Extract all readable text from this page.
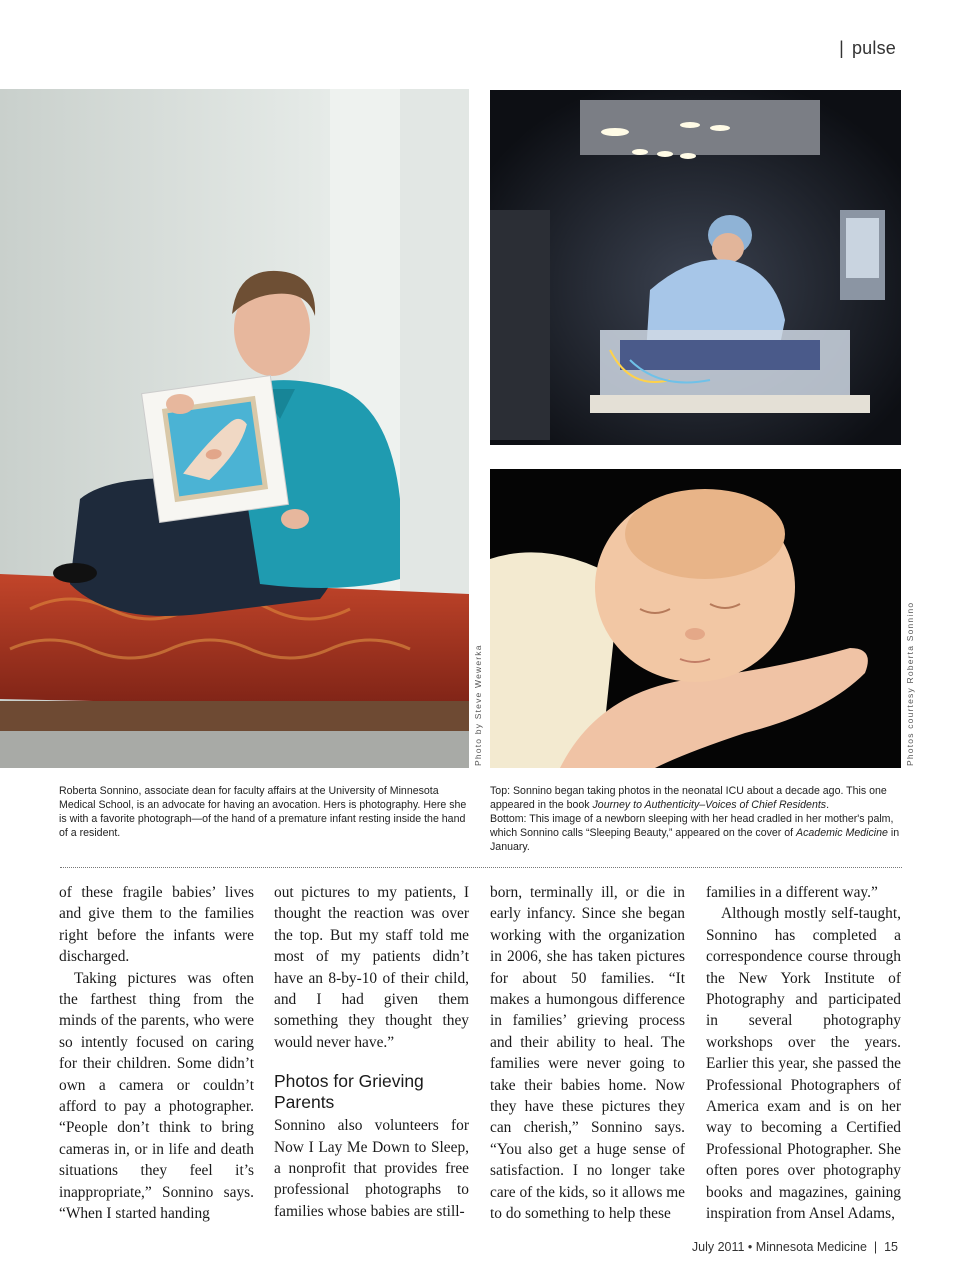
| pulse
Photo by Steve Wewerka	Photos courtesy Roberta Sonnino
Roberta Sonnino, associate dean for faculty affairs at the University of Minnesota Medical School, is an advocate for having an avocation. Hers is photography. Here she is with a favorite photograph—of the hand of a premature infant resting inside the hand of a resident.
Top: Sonnino began taking photos in the neonatal ICU about a decade ago. This one appeared in the book Journey to Authenticity–Voices of Chief Residents.
Bottom: This image of a newborn sleeping with her head cradled in her mother's palm, which Sonnino calls “Sleeping Beauty,” appeared on the cover of Academic Medicine in January.

of these fragile babies’ lives and give them to the families right before the infants were discharged.

Taking pictures was often the farthest thing from the minds of the parents, who were so intently focused on caring for their children. Some didn’t own a camera or couldn’t afford to pay a photographer. “People don’t think to bring cameras in, or in life and death situations they feel it’s inappropriate,” Sonnino says. “When I started handing

out pictures to my patients, I thought the reaction was over the top. But my staff told me most of my patients didn’t have an 8-by-10 of their child, and I had given them something they thought they would never have.”

Photos for Grieving Parents

Sonnino also volunteers for Now I Lay Me Down to Sleep, a nonprofit that provides free professional photographs to families whose babies are still-

born, terminally ill, or die in early infancy. Since she began working with the organization in 2006, she has taken pictures for about 50 families. “It makes a humongous difference in families’ grieving process and their ability to heal. The families were never going to take their babies home. Now they have these pictures they can cherish,” Sonnino says. “You also get a huge sense of satisfaction. I no longer take care of the kids, so it allows me to do something to help these

families in a different way.”

Although mostly self-taught, Sonnino has completed a correspondence course through the New York Institute of Photography and participated in several photography workshops over the years. Earlier this year, she passed the Professional Photographers of America exam and is on her way to becoming a Certified Professional Photographer. She often pores over photography books and magazines, gaining inspiration from Ansel Adams,

July 2011 • Minnesota Medicine  |  15
